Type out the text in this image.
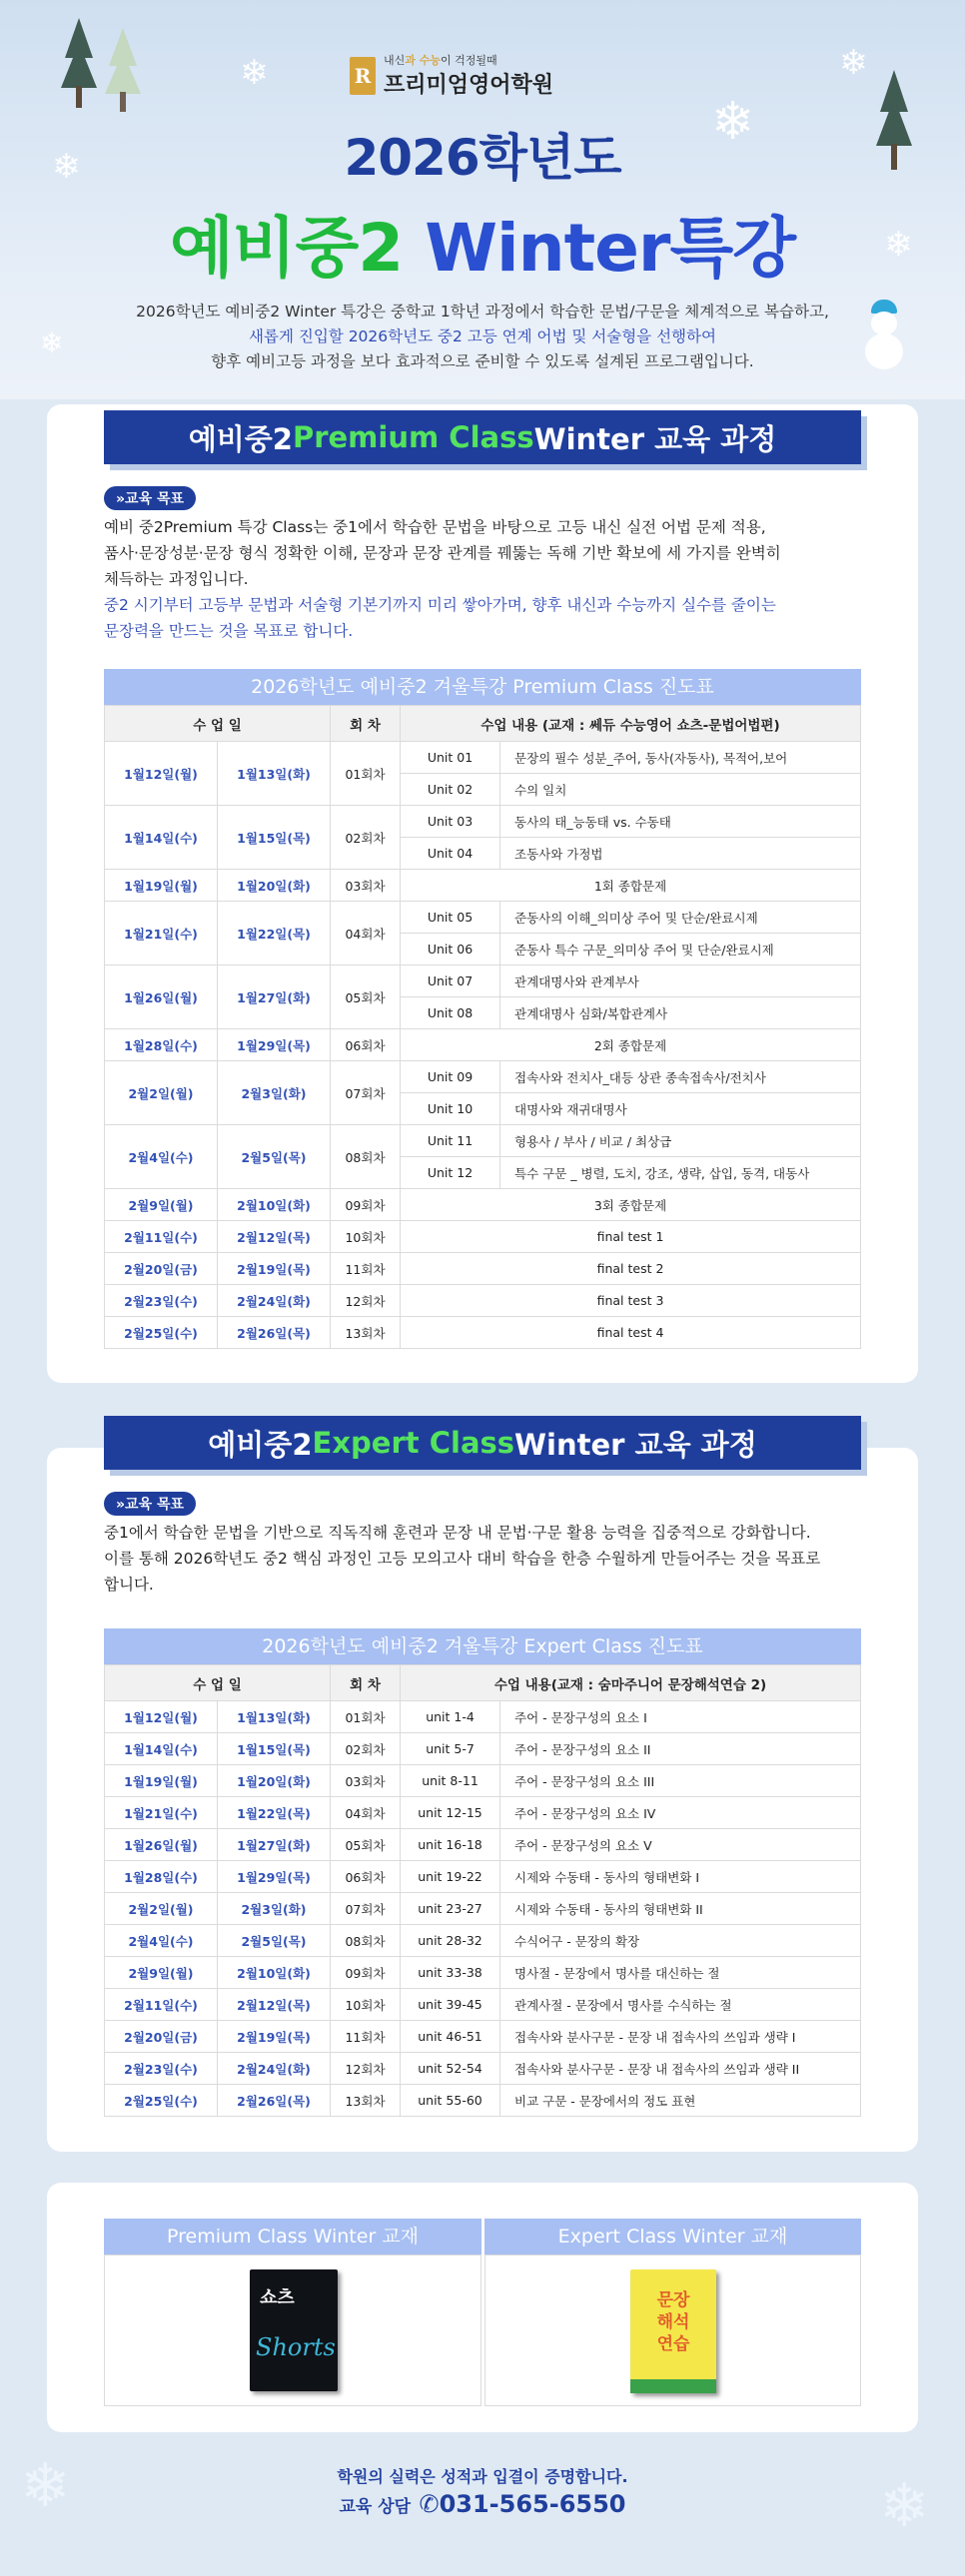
❄
❄
❄
❄
❄
❄
R
내신과 수능이 걱정될때
프리미엄영어학원
2026학년도
예비중2 Winter특강
2026학년도 예비중2 Winter 특강은 중학교 1학년 과정에서 학습한 문법/구문을 체계적으로 복습하고,
새롭게 진입할 2026학년도 중2 고등 연계 어법 및 서술형을 선행하여
향후 예비고등 과정을 보다 효과적으로 준비할 수 있도록 설계된 프로그램입니다.
예비중2 Premium Class Winter 교육 과정
»교육 목표
예비 중2Premium 특강 Class는 중1에서 학습한 문법을 바탕으로 고등 내신 실전 어법 문제 적용,
품사·문장성분·문장 형식 정확한 이해, 문장과 문장 관계를 꿰뚫는 독해 기반 확보에 세 가지를 완벽히
체득하는 과정입니다.
중2 시기부터 고등부 문법과 서술형 기본기까지 미리 쌓아가며, 향후 내신과 수능까지 실수를 줄이는
문장력을 만드는 것을 목표로 합니다.
2026학년도 예비중2 겨울특강 Premium Class 진도표
수 업 일		회 차	수업 내용 (교재 : 쎄듀 수능영어 쇼츠-문법어법편)	
1월12일(월)	1월13일(화)	01회차	Unit 01	문장의 필수 성분_주어, 동사(자동사), 목적어,보어
			Unit 02	수의 일치
1월14일(수)	1월15일(목)	02회차	Unit 03	동사의 태_능동태 vs. 수동태
			Unit 04	조동사와 가정법
1월19일(월)	1월20일(화)	03회차	1회 종합문제	
1월21일(수)	1월22일(목)	04회차	Unit 05	준동사의 이해_의미상 주어 및 단순/완료시제
			Unit 06	준동사 특수 구문_의미상 주어 및 단순/완료시제
1월26일(월)	1월27일(화)	05회차	Unit 07	관계대명사와 관계부사
			Unit 08	관계대명사 심화/복합관계사
1월28일(수)	1월29일(목)	06회차	2회 종합문제	
2월2일(월)	2월3일(화)	07회차	Unit 09	접속사와 전치사_대등 상관 종속접속사/전치사
			Unit 10	대명사와 재귀대명사
2월4일(수)	2월5일(목)	08회차	Unit 11	형용사 / 부사 / 비교 / 최상급
			Unit 12	특수 구문 _ 병렬, 도치, 강조, 생략, 삽입, 동격, 대동사
2월9일(월)	2월10일(화)	09회차	3회 종합문제	
2월11일(수)	2월12일(목)	10회차	final test 1	
2월20일(금)	2월19일(목)	11회차	final test 2	
2월23일(수)	2월24일(화)	12회차	final test 3	
2월25일(수)	2월26일(목)	13회차	final test 4	
예비중2 Expert Class Winter 교육 과정
»교육 목표
중1에서 학습한 문법을 기반으로 직독직해 훈련과 문장 내 문법·구문 활용 능력을 집중적으로 강화합니다.
이를 통해 2026학년도 중2 핵심 과정인 고등 모의고사 대비 학습을 한층 수월하게 만들어주는 것을 목표로
합니다.
2026학년도 예비중2 겨울특강 Expert Class 진도표
수 업 일		회 차	수업 내용(교재 : 숨마주니어 문장해석연습 2)	
1월12일(월)	1월13일(화)	01회차	unit 1-4	주어 - 문장구성의 요소 I
1월14일(수)	1월15일(목)	02회차	unit 5-7	주어 - 문장구성의 요소 II
1월19일(월)	1월20일(화)	03회차	unit 8-11	주어 - 문장구성의 요소 III
1월21일(수)	1월22일(목)	04회차	unit 12-15	주어 - 문장구성의 요소 IV
1월26일(월)	1월27일(화)	05회차	unit 16-18	주어 - 문장구성의 요소 V
1월28일(수)	1월29일(목)	06회차	unit 19-22	시제와 수동태 - 동사의 형태변화 I
2월2일(월)	2월3일(화)	07회차	unit 23-27	시제와 수동태 - 동사의 형태변화 II
2월4일(수)	2월5일(목)	08회차	unit 28-32	수식어구 - 문장의 확장
2월9일(월)	2월10일(화)	09회차	unit 33-38	명사절 - 문장에서 명사를 대신하는 절
2월11일(수)	2월12일(목)	10회차	unit 39-45	관계사절 - 문장에서 명사를 수식하는 절
2월20일(금)	2월19일(목)	11회차	unit 46-51	접속사와 분사구문 - 문장 내 접속사의 쓰임과 생략 I
2월23일(수)	2월24일(화)	12회차	unit 52-54	접속사와 분사구문 - 문장 내 접속사의 쓰임과 생략 II
2월25일(수)	2월26일(목)	13회차	unit 55-60	비교 구문 - 문장에서의 정도 표현
Premium Class Winter 교재	Expert Class Winter 교재
쇼츠
Shorts
문장
해석
연습
❄	❄
학원의 실력은 성적과 입결이 증명합니다.
교육 상담 ✆031-565-6550
